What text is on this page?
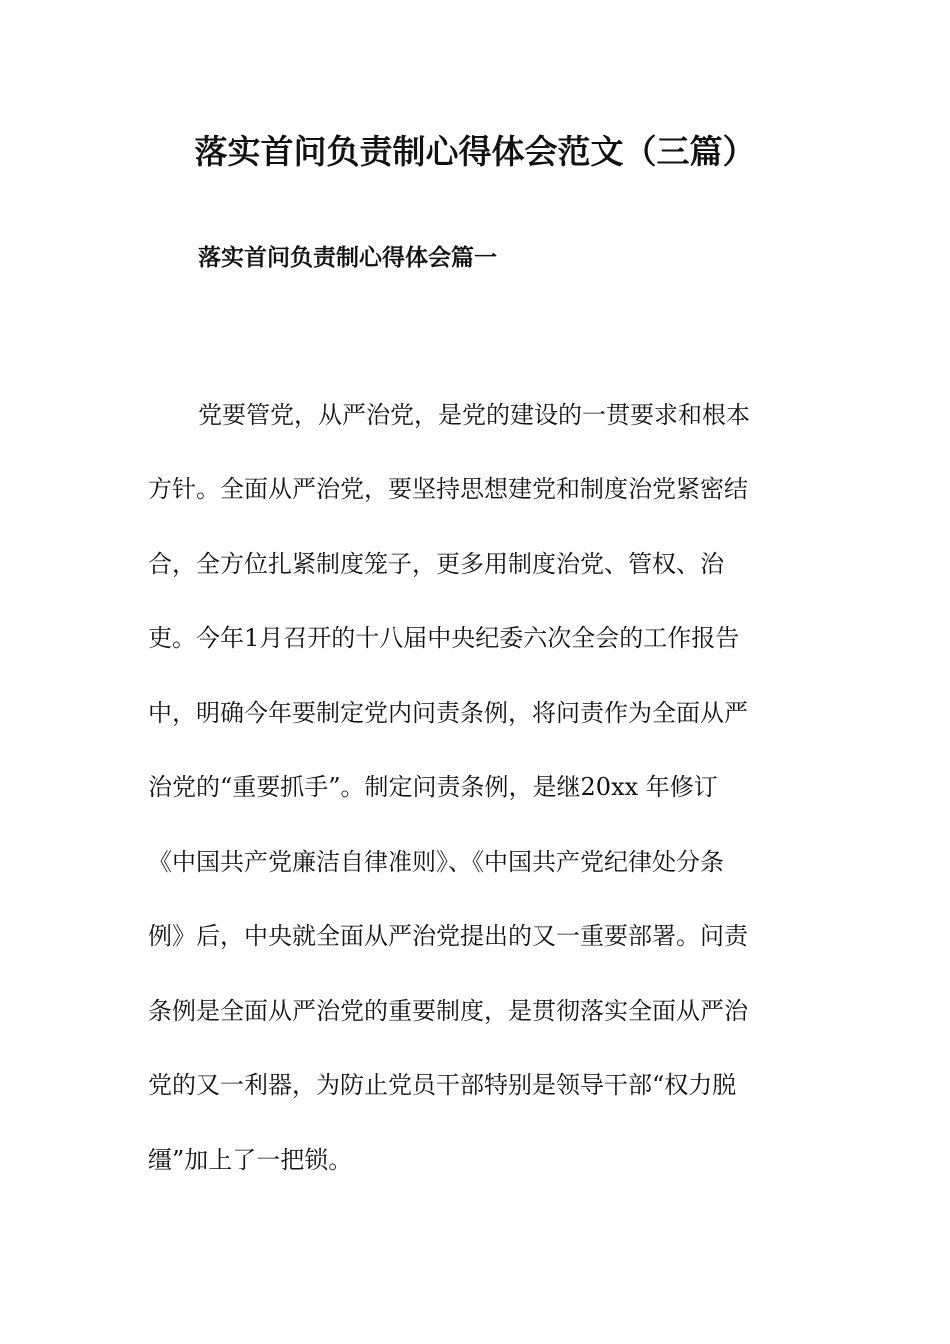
落实首问负责制心得体会范文（三篇）
落实首问负责制心得体会篇一

党要管党，从严治党，是党的建设的一贯要求和根本

方针。全面从严治党，要坚持思想建党和制度治党紧密结

合，全方位扎紧制度笼子，更多用制度治党、管权、治

吏。今年1月召开的十八届中央纪委六次全会的工作报告

中，明确今年要制定党内问责条例，将问责作为全面从严

治党的“重要抓手”。制定问责条例，是继20xx 年修订

《中国共产党廉洁自律准则》、《中国共产党纪律处分条

例》后，中央就全面从严治党提出的又一重要部署。问责

条例是全面从严治党的重要制度，是贯彻落实全面从严治

党的又一利器，为防止党员干部特别是领导干部“权力脱

缰”加上了一把锁。
